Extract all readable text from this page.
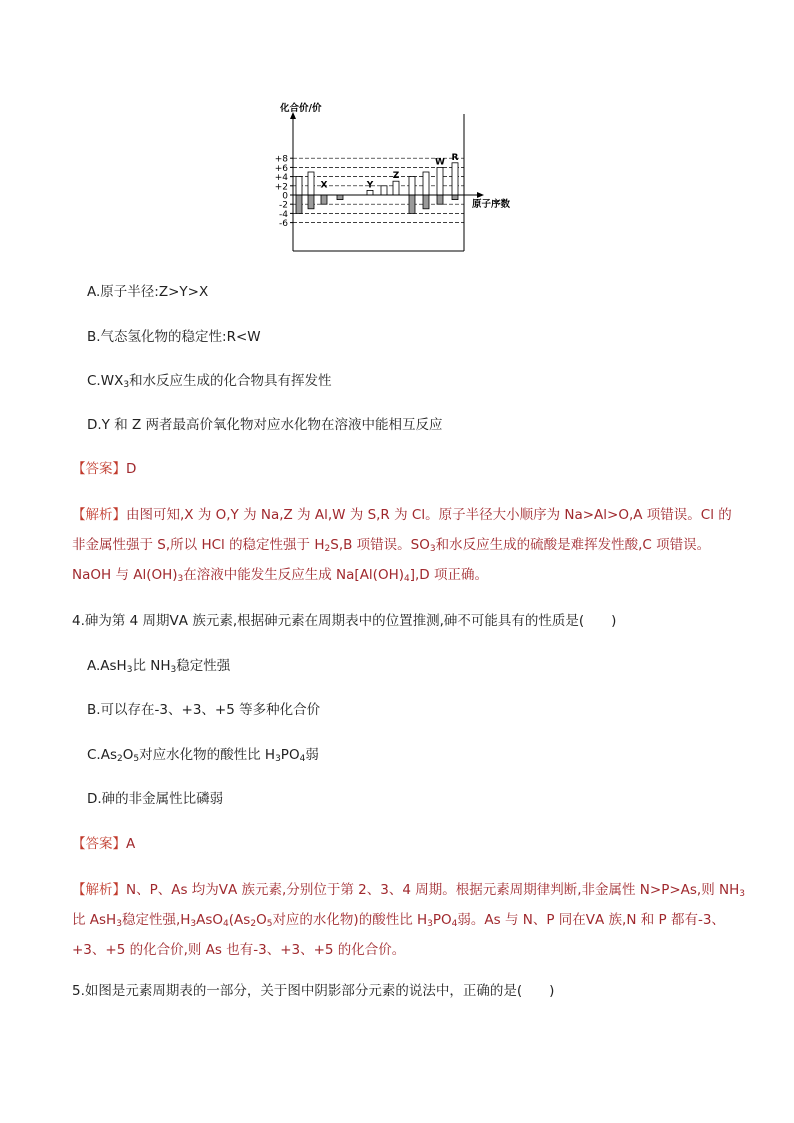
+8
+6
+4
+2
0
-2
-4
-6
X	Y
Z
W R
化合价/价
原子序数
A.原子半径:Z>Y>X
B.气态氢化物的稳定性:R<W
$C.WX_3$和水反应生成的化合物具有挥发性
D.Y 和 Z 两者最高价氧化物对应水化物在溶液中能相互反应
【答案】D
【解析】由图可知,X 为 O,Y 为 Na,Z 为 Al,W 为 S,R 为 Cl。原子半径大小顺序为 Na>Al>O,A 项错误。Cl 的
非金属性强于 S,所以 HCl 的稳定性强于 $H_2S,B$ 项错误。$SO_3$和水反应生成的硫酸是难挥发性酸,C 项错误。
NaOH 与 $Al(OH)_3$在溶液中能发生反应生成 $Na[Al(OH)_4],D$ 项正确。
4.砷为第 4 周期ⅤA 族元素,根据砷元素在周期表中的位置推测,砷不可能具有的性质是(　　)
A.AsH$_3$比 $NH_3$稳定性强
B.可以存在-3、+3、+5 等多种化合价
$C.As_2O_5$对应水化物的酸性比 $H_3PO_4$弱
D.砷的非金属性比磷弱
【答案】A
【解析】N、P、As 均为ⅤA 族元素,分别位于第 2、3、4 周期。根据元素周期律判断,非金属性 N>P>As,则 $NH_3$
比 AsH$_3$稳定性强$,H_3AsO_4(As_2O_5$对应的水化物)的酸性比 $H_3PO_4$弱。As 与 N、P 同在ⅤA 族,N 和 P 都有-3、
+3、+5 的化合价,则 As 也有-3、+3、+5 的化合价。
5.如图是元素周期表的一部分，关于图中阴影部分元素的说法中，正确的是(　　)
